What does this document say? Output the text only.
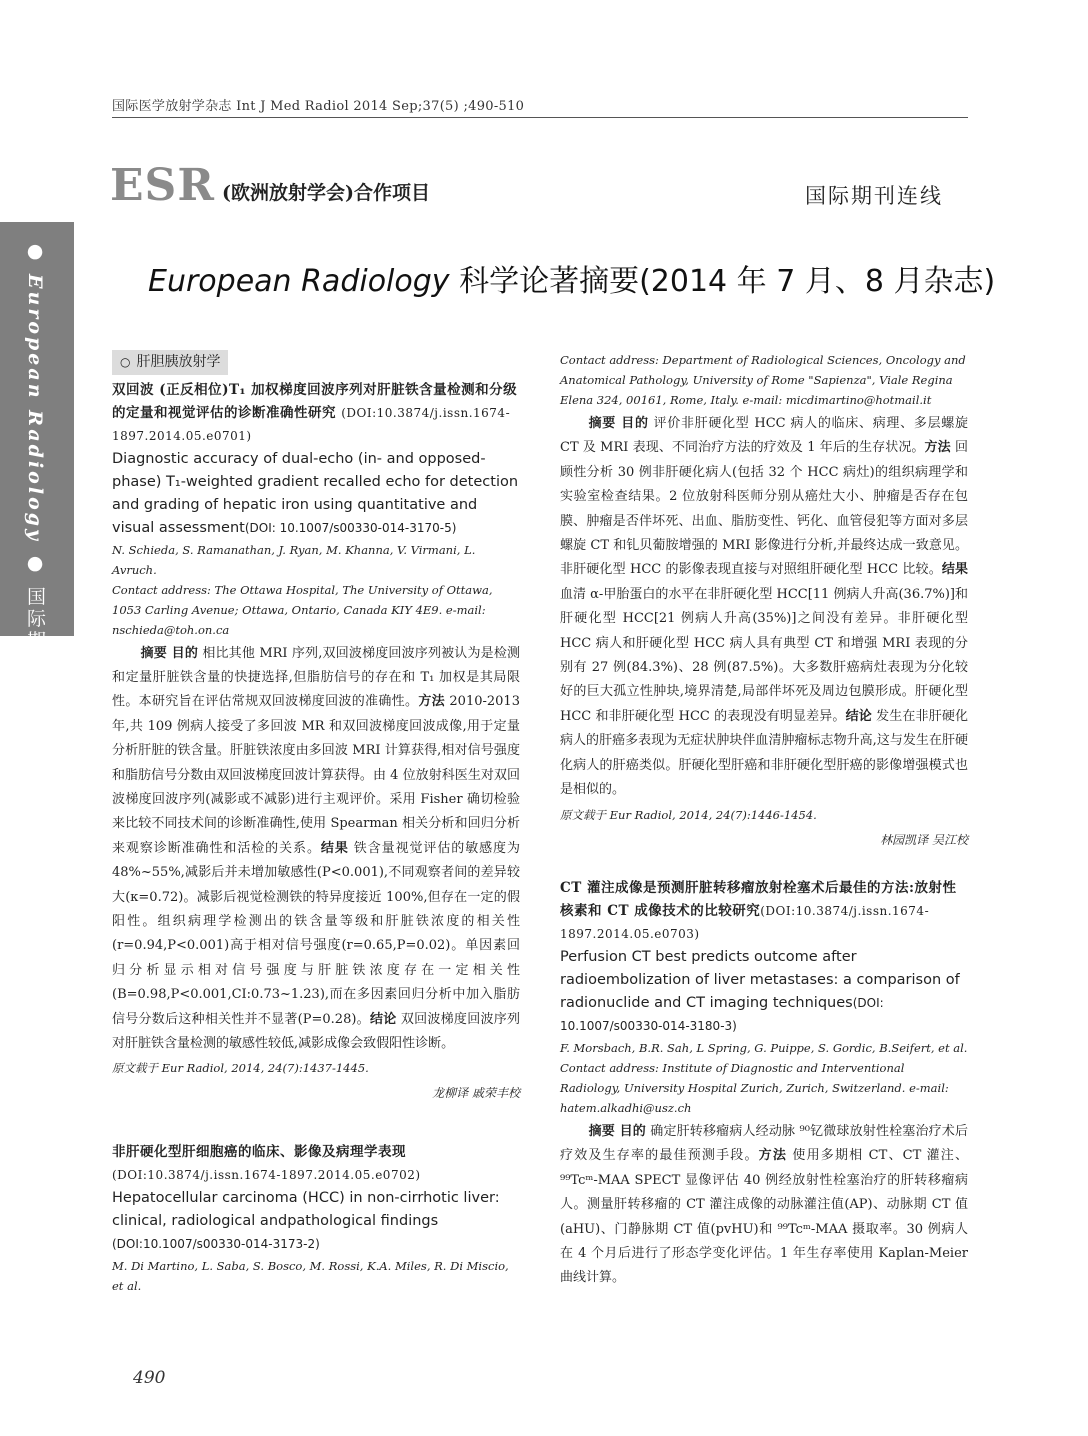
国际医学放射学杂志 Int J Med Radiol 2014 Sep;37(5) ;490-510
ESR (欧洲放射学会)合作项目	国际期刊连线
● European Radiology ● 国际期刊连线
European Radiology 科学论著摘要(2014 年 7 月、8 月杂志)
○ 肝胆胰放射学
双回波 (正反相位)T₁ 加权梯度回波序列对肝脏铁含量检测和分级的定量和视觉评估的诊断准确性研究 (DOI:10.3874/j.issn.1674-1897.2014.05.e0701)
Diagnostic accuracy of dual-echo (in- and opposed-phase) T₁-weighted gradient recalled echo for detection and grading of hepatic iron using quantitative and visual assessment(DOI: 10.1007/s00330-014-3170-5)
N. Schieda, S. Ramanathan, J. Ryan, M. Khanna, V. Virmani, L. Avruch.
Contact address: The Ottawa Hospital, The University of Ottawa, 1053 Carling Avenue; Ottawa, Ontario, Canada KIY 4E9. e-mail: nschieda@toh.on.ca

摘要 目的 相比其他 MRI 序列,双回波梯度回波序列被认为是检测和定量肝脏铁含量的快捷选择,但脂肪信号的存在和 T₁ 加权是其局限性。本研究旨在评估常规双回波梯度回波的准确性。方法 2010-2013 年,共 109 例病人接受了多回波 MR 和双回波梯度回波成像,用于定量分析肝脏的铁含量。肝脏铁浓度由多回波 MRI 计算获得,相对信号强度和脂肪信号分数由双回波梯度回波计算获得。由 4 位放射科医生对双回波梯度回波序列(减影或不减影)进行主观评价。采用 Fisher 确切检验来比较不同技术间的诊断准确性,使用 Spearman 相关分析和回归分析来观察诊断准确性和活检的关系。结果 铁含量视觉评估的敏感度为 48%~55%,减影后并未增加敏感性(P<0.001),不同观察者间的差异较大(κ=0.72)。减影后视觉检测铁的特异度接近 100%,但存在一定的假阳性。组织病理学检测出的铁含量等级和肝脏铁浓度的相关性(r=0.94,P<0.001)高于相对信号强度(r=0.65,P=0.02)。单因素回归分析显示相对信号强度与肝脏铁浓度存在一定相关性(B=0.98,P<0.001,CI:0.73~1.23),而在多因素回归分析中加入脂肪信号分数后这种相关性并不显著(P=0.28)。结论 双回波梯度回波序列对肝脏铁含量检测的敏感性较低,减影成像会致假阳性诊断。

原文载于 Eur Radiol, 2014, 24(7):1437-1445.
龙柳译 戚荣丰校
非肝硬化型肝细胞癌的临床、影像及病理学表现(DOI:10.3874/j.issn.1674-1897.2014.05.e0702)
Hepatocellular carcinoma (HCC) in non-cirrhotic liver: clinical, radiological andpathological findings (DOI:10.1007/s00330-014-3173-2)
M. Di Martino, L. Saba, S. Bosco, M. Rossi, K.A. Miles, R. Di Miscio, et al.
Contact address: Department of Radiological Sciences, Oncology and Anatomical Pathology, University of Rome "Sapienza", Viale Regina Elena 324, 00161, Rome, Italy. e-mail: micdimartino@hotmail.it

摘要 目的 评价非肝硬化型 HCC 病人的临床、病理、多层螺旋 CT 及 MRI 表现、不同治疗方法的疗效及 1 年后的生存状况。方法 回顾性分析 30 例非肝硬化病人(包括 32 个 HCC 病灶)的组织病理学和实验室检查结果。2 位放射科医师分别从癌灶大小、肿瘤是否存在包膜、肿瘤是否伴坏死、出血、脂肪变性、钙化、血管侵犯等方面对多层螺旋 CT 和钆贝葡胺增强的 MRI 影像进行分析,并最终达成一致意见。非肝硬化型 HCC 的影像表现直接与对照组肝硬化型 HCC 比较。结果 血清 α-甲胎蛋白的水平在非肝硬化型 HCC[11 例病人升高(36.7%)]和肝硬化型 HCC[21 例病人升高(35%)]之间没有差异。非肝硬化型 HCC 病人和肝硬化型 HCC 病人具有典型 CT 和增强 MRI 表现的分别有 27 例(84.3%)、28 例(87.5%)。大多数肝癌病灶表现为分化较好的巨大孤立性肿块,境界清楚,局部伴坏死及周边包膜形成。肝硬化型 HCC 和非肝硬化型 HCC 的表现没有明显差异。结论 发生在非肝硬化病人的肝癌多表现为无症状肿块伴血清肿瘤标志物升高,这与发生在肝硬化病人的肝癌类似。肝硬化型肝癌和非肝硬化型肝癌的影像增强模式也是相似的。

原文载于 Eur Radiol, 2014, 24(7):1446-1454.
林园凯译 吴江校
CT 灌注成像是预测肝脏转移瘤放射栓塞术后最佳的方法:放射性核素和 CT 成像技术的比较研究(DOI:10.3874/j.issn.1674-1897.2014.05.e0703)
Perfusion CT best predicts outcome after radioembolization of liver metastases: a comparison of radionuclide and CT imaging techniques(DOI: 10.1007/s00330-014-3180-3)
F. Morsbach, B.R. Sah, L Spring, G. Puippe, S. Gordic, B.Seifert, et al.
Contact address: Institute of Diagnostic and Interventional Radiology, University Hospital Zurich, Zurich, Switzerland. e-mail: hatem.alkadhi@usz.ch

摘要 目的 确定肝转移瘤病人经动脉 ⁹⁰钇微球放射性栓塞治疗术后疗效及生存率的最佳预测手段。方法 使用多期相 CT、CT 灌注、⁹⁹Tcᵐ-MAA SPECT 显像评估 40 例经放射性栓塞治疗的肝转移瘤病人。测量肝转移瘤的 CT 灌注成像的动脉灌注值(AP)、动脉期 CT 值(aHU)、门静脉期 CT 值(pvHU)和 ⁹⁹Tcᵐ-MAA 摄取率。30 例病人在 4 个月后进行了形态学变化评估。1 年生存率使用 Kaplan-Meier 曲线计算。

490
